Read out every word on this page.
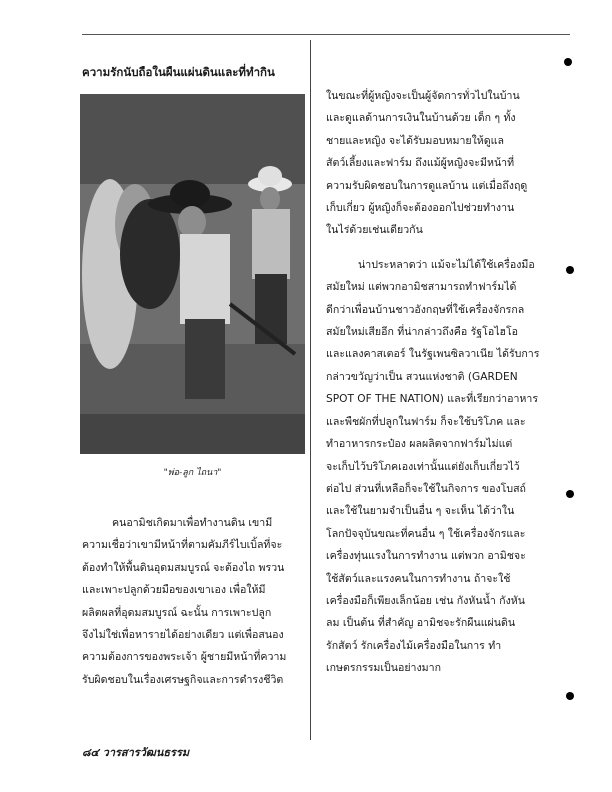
ความรักนับถือในผืนแผ่นดินและที่ทำกิน
"พ่อ-ลูก ไถนา"

คนอามิชเกิดมาเพื่อทำงานดิน เขามี

ความเชื่อว่าเขามีหน้าที่ตามคัมภีร์ไบเบิ้ลที่จะ

ต้องทำให้พื้นดินอุดมสมบูรณ์ จะต้องไถ พรวน

และเพาะปลูกด้วยมือของเขาเอง เพื่อให้มี

ผลิตผลที่อุดมสมบูรณ์ ฉะนั้น การเพาะปลูก

จึงไม่ใช่เพื่อหารายได้อย่างเดียว แต่เพื่อสนอง

ความต้องการของพระเจ้า ผู้ชายมีหน้าที่ความ

รับผิดชอบในเรื่องเศรษฐกิจและการดำรงชีวิต

ในขณะที่ผู้หญิงจะเป็นผู้จัดการทั่วไปในบ้าน

และดูแลด้านการเงินในบ้านด้วย เด็ก ๆ ทั้ง

ชายและหญิง จะได้รับมอบหมายให้ดูแล

สัตว์เลี้ยงและฟาร์ม ถึงแม้ผู้หญิงจะมีหน้าที่

ความรับผิดชอบในการดูแลบ้าน แต่เมื่อถึงฤดู

เก็บเกี่ยว ผู้หญิงก็จะต้องออกไปช่วยทำงาน

ในไร่ด้วยเช่นเดียวกัน

น่าประหลาดว่า แม้จะไม่ได้ใช้เครื่องมือ

สมัยใหม่ แต่พวกอามิชสามารถทำฟาร์มได้

ดีกว่าเพื่อนบ้านชาวอังกฤษที่ใช้เครื่องจักรกล

สมัยใหม่เสียอีก ที่น่ากล่าวถึงคือ รัฐโอไฮโอ

และแลงคาสเตอร์ ในรัฐเพนซิลวาเนีย ได้รับการ

กล่าวขวัญว่าเป็น สวนแห่งชาติ (GARDEN

SPOT OF THE NATION) และที่เรียกว่าอาหาร

และพืชผักที่ปลูกในฟาร์ม ก็จะใช้บริโภค และ

ทำอาหารกระป๋อง ผลผลิตจากฟาร์มไม่แต่

จะเก็บไว้บริโภคเองเท่านั้นแต่ยังเก็บเกี่ยวไว้

ต่อไป ส่วนที่เหลือก็จะใช้ในกิจการ ของโบสถ์

และใช้ในยามจำเป็นอื่น ๆ จะเห็น ได้ว่าใน

โลกปัจจุบันขณะที่คนอื่น ๆ ใช้เครื่องจักรและ

เครื่องทุ่นแรงในการทำงาน แต่พวก อามิชจะ

ใช้สัตว์และแรงคนในการทำงาน ถ้าจะใช้

เครื่องมือก็เพียงเล็กน้อย เช่น กังหันน้ำ กังหัน

ลม เป็นต้น ที่สำคัญ อามิชจะรักผืนแผ่นดิน

รักสัตว์ รักเครื่องไม้เครื่องมือในการ ทำ

เกษตรกรรมเป็นอย่างมาก

๘๔ วารสารวัฒนธรรม
